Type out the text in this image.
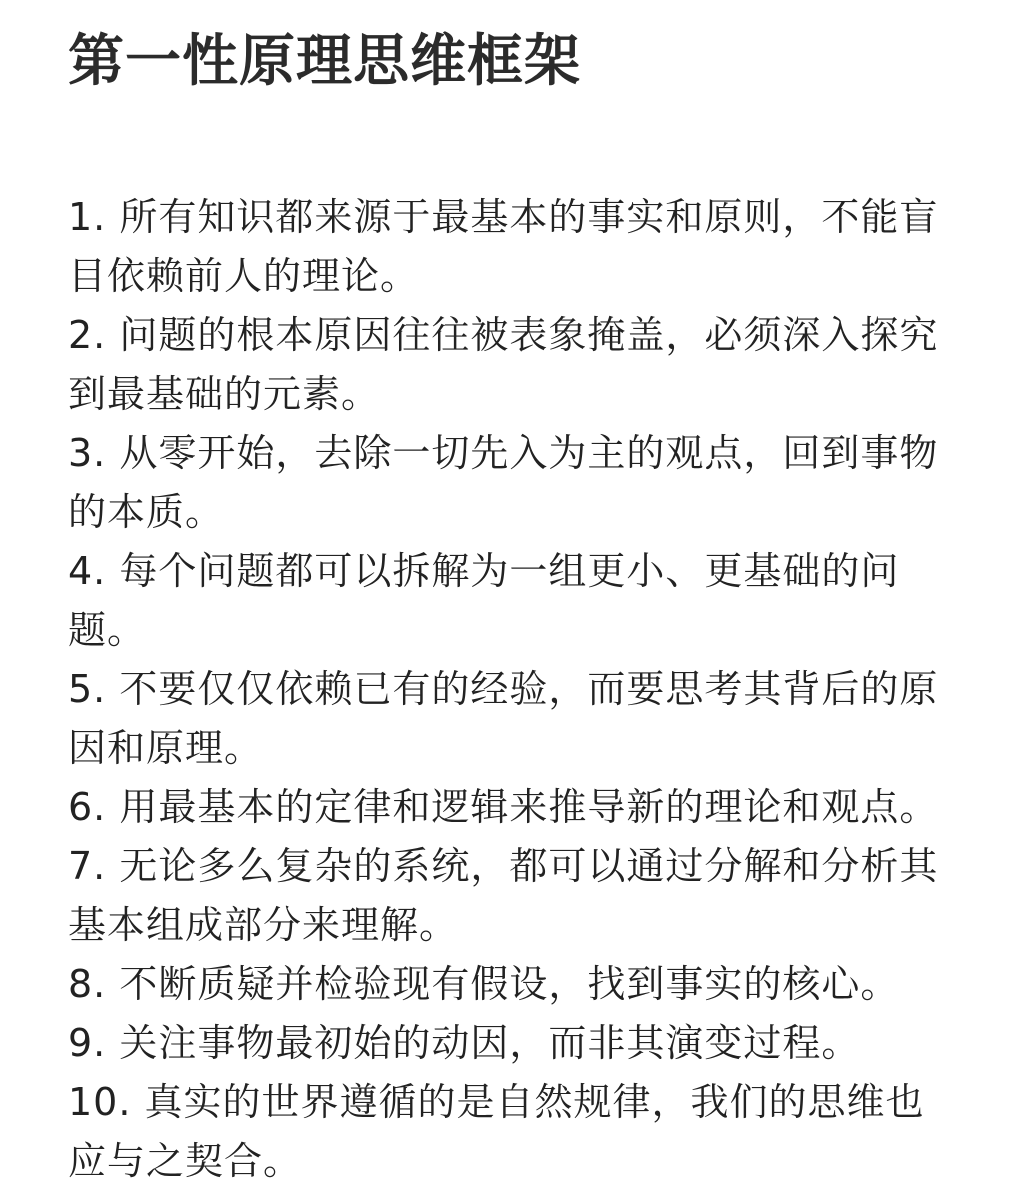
第一性原理思维框架
1. 所有知识都来源于最基本的事实和原则，不能盲目依赖前人的理论。
2. 问题的根本原因往往被表象掩盖，必须深入探究到最基础的元素。
3. 从零开始，去除一切先入为主的观点，回到事物的本质。
4. 每个问题都可以拆解为一组更小、更基础的问题。
5. 不要仅仅依赖已有的经验，而要思考其背后的原因和原理。
6. 用最基本的定律和逻辑来推导新的理论和观点。
7. 无论多么复杂的系统，都可以通过分解和分析其基本组成部分来理解。
8. 不断质疑并检验现有假设，找到事实的核心。
9. 关注事物最初始的动因，而非其演变过程。
10. 真实的世界遵循的是自然规律，我们的思维也应与之契合。
